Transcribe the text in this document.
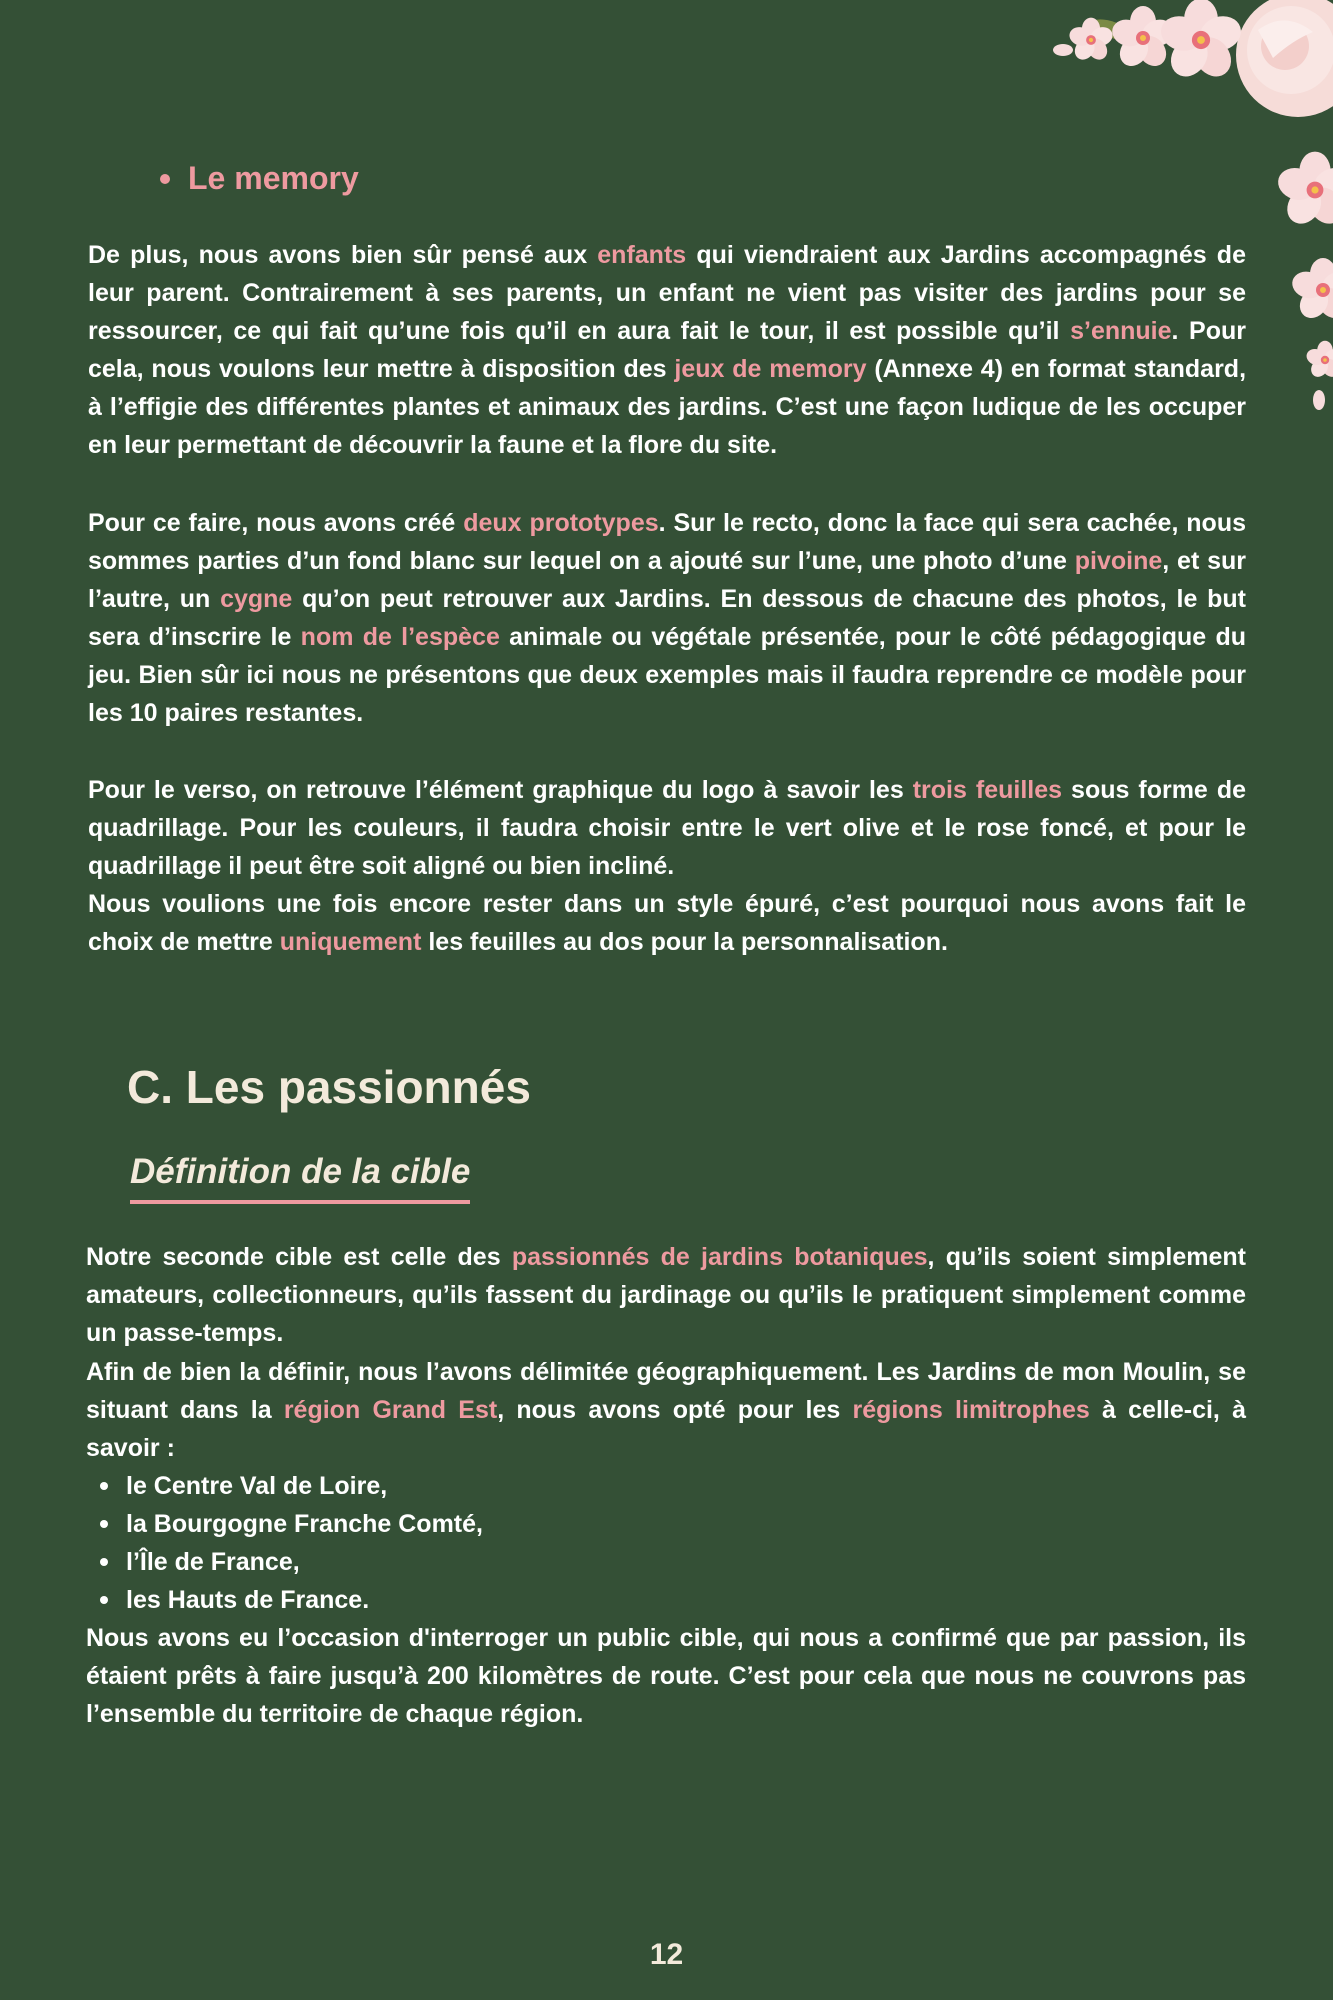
Le memory

De plus, nous avons bien sûr pensé aux enfants qui viendraient aux Jardins accompagnés de leur parent. Contrairement à ses parents, un enfant ne vient pas visiter des jardins pour se ressourcer, ce qui fait qu’une fois qu’il en aura fait le tour, il est possible qu’il s’ennuie. Pour cela, nous voulons leur mettre à disposition des jeux de memory (Annexe 4) en format standard, à l’effigie des différentes plantes et animaux des jardins. C’est une façon ludique de les occuper en leur permettant de découvrir la faune et la flore du site.

Pour ce faire, nous avons créé deux prototypes. Sur le recto, donc la face qui sera cachée, nous sommes parties d’un fond blanc sur lequel on a ajouté sur l’une, une photo d’une pivoine, et sur l’autre, un cygne qu’on peut retrouver aux Jardins. En dessous de chacune des photos, le but sera d’inscrire le nom de l’espèce animale ou végétale présentée, pour le côté pédagogique du jeu. Bien sûr ici nous ne présentons que deux exemples mais il faudra reprendre ce modèle pour les 10 paires restantes.

Pour le verso, on retrouve l’élément graphique du logo à savoir les trois feuilles sous forme de quadrillage. Pour les couleurs, il faudra choisir entre le vert olive et le rose foncé, et pour le quadrillage il peut être soit aligné ou bien incliné.

Nous voulions une fois encore rester dans un style épuré, c’est pourquoi nous avons fait le choix de mettre uniquement les feuilles au dos pour la personnalisation.

C. Les passionnés
Définition de la cible

Notre seconde cible est celle des passionnés de jardins botaniques, qu’ils soient simplement amateurs, collectionneurs, qu’ils fassent du jardinage ou qu’ils le pratiquent simplement comme un passe-temps.

Afin de bien la définir, nous l’avons délimitée géographiquement. Les Jardins de mon Moulin, se situant dans la région Grand Est, nous avons opté pour les régions limitrophes à celle-ci, à savoir :

le Centre Val de Loire,
la Bourgogne Franche Comté,
l’Île de France,
les Hauts de France.

Nous avons eu l’occasion d'interroger un public cible, qui nous a confirmé que par passion, ils étaient prêts à faire jusqu’à 200 kilomètres de route. C’est pour cela que nous ne couvrons pas l’ensemble du territoire de chaque région.

12
